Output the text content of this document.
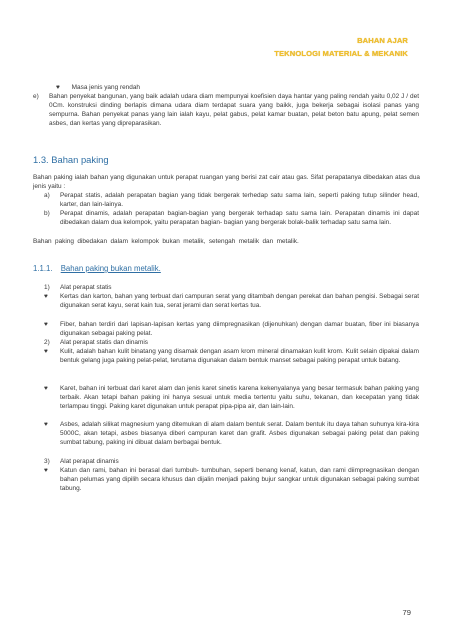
BAHAN AJAR
TEKNOLOGI MATERIAL & MEKANIK
♥ Masa jenis yang rendah
e)	Bahan penyekat bangunan, yang baik adalah udara diam mempunyai koefisien daya hantar yang paling rendah yaitu 0,02 J / det 0Cm. konstruksi dinding berlapis dimana udara diam terdapat suara yang baikk, juga bekerja sebagai isolasi panas yang sempurna. Bahan penyekat panas yang lain ialah kayu, pelat gabus, pelat kamar buatan, pelat beton batu apung, pelat semen asbes, dan kertas yang dipreparasikan.
1.3. Bahan paking
Bahan paking ialah bahan yang digunakan untuk perapat ruangan yang berisi zat cair atau gas. Sifat perapatanya dibedakan atas dua jenis yaitu :
a)	Perapat statis, adalah perapatan bagian yang tidak bergerak terhedap satu sama lain, seperti paking tutup silinder head, karter, dan lain-lainya.
b)	Perapat dinamis, adalah perapatan bagian-bagian yang bergerak terhadap satu sama lain. Perapatan dinamis ini dapat dibedakan dalam dua kelompok, yaitu perapatan bagian- bagian yang bergerak bolak-balik terhadap satu sama lain.
Bahan paking dibedakan dalam kelompok bukan metalik, setengah metalik dan metalik.
1.1.1. Bahan paking bukan metalik.
1)	Alat perapat statis
♥	Kertas dan karton, bahan yang terbuat dari campuran serat yang ditambah dengan perekat dan bahan pengisi. Sebagai serat digunakan serat kayu, serat kain tua, serat jerami dan serat kertas tua.
♥	Fiber, bahan terdiri dari lapisan-lapisan kertas yang diimpregnasikan (dijenuhkan) dengan damar buatan, fiber ini biasanya digunakan sebagai paking pelat.
2)	Alat perapat statis dan dinamis
♥	Kulit, adalah bahan kulit binatang yang disamak dengan asam krom mineral dinamakan kulit krom. Kulit selain dipakai dalam bentuk gelang juga paking pelat-pelat, terutama digunakan dalam bentuk manset sebagai paking perapat untuk batang.
♥	Karet, bahan ini terbuat dari karet alam dan jenis karet sinetis karena kekenyalanya yang besar termasuk bahan paking yang terbaik. Akan tetapi bahan paking ini hanya sesuai untuk media tertentu yaitu suhu, tekanan, dan kecepatan yang tidak terlampau tinggi. Paking karet digunakan untuk perapat pipa-pipa air, dan lain-lain.
♥	Asbes, adalah silikat magnesium yang ditemukan di alam dalam bentuk serat. Dalam bentuk itu daya tahan suhunya kira-kira 5000C, akan tetapi, asbes biasanya diberi campuran karet dan grafit. Asbes digunakan sebagai paking pelat dan paking sumbat tabung, paking ini dibuat dalam berbagai bentuk.
3)	Alat perapat dinamis
♥	Katun dan rami, bahan ini berasal dari tumbuh- tumbuhan, seperti benang kenaf, katun, dan rami diimpregnasikan dengan bahan pelumas yang dipilih secara khusus dan dijalin menjadi paking bujur sangkar untuk digunakan sebagai paking sumbat tabung.
79
